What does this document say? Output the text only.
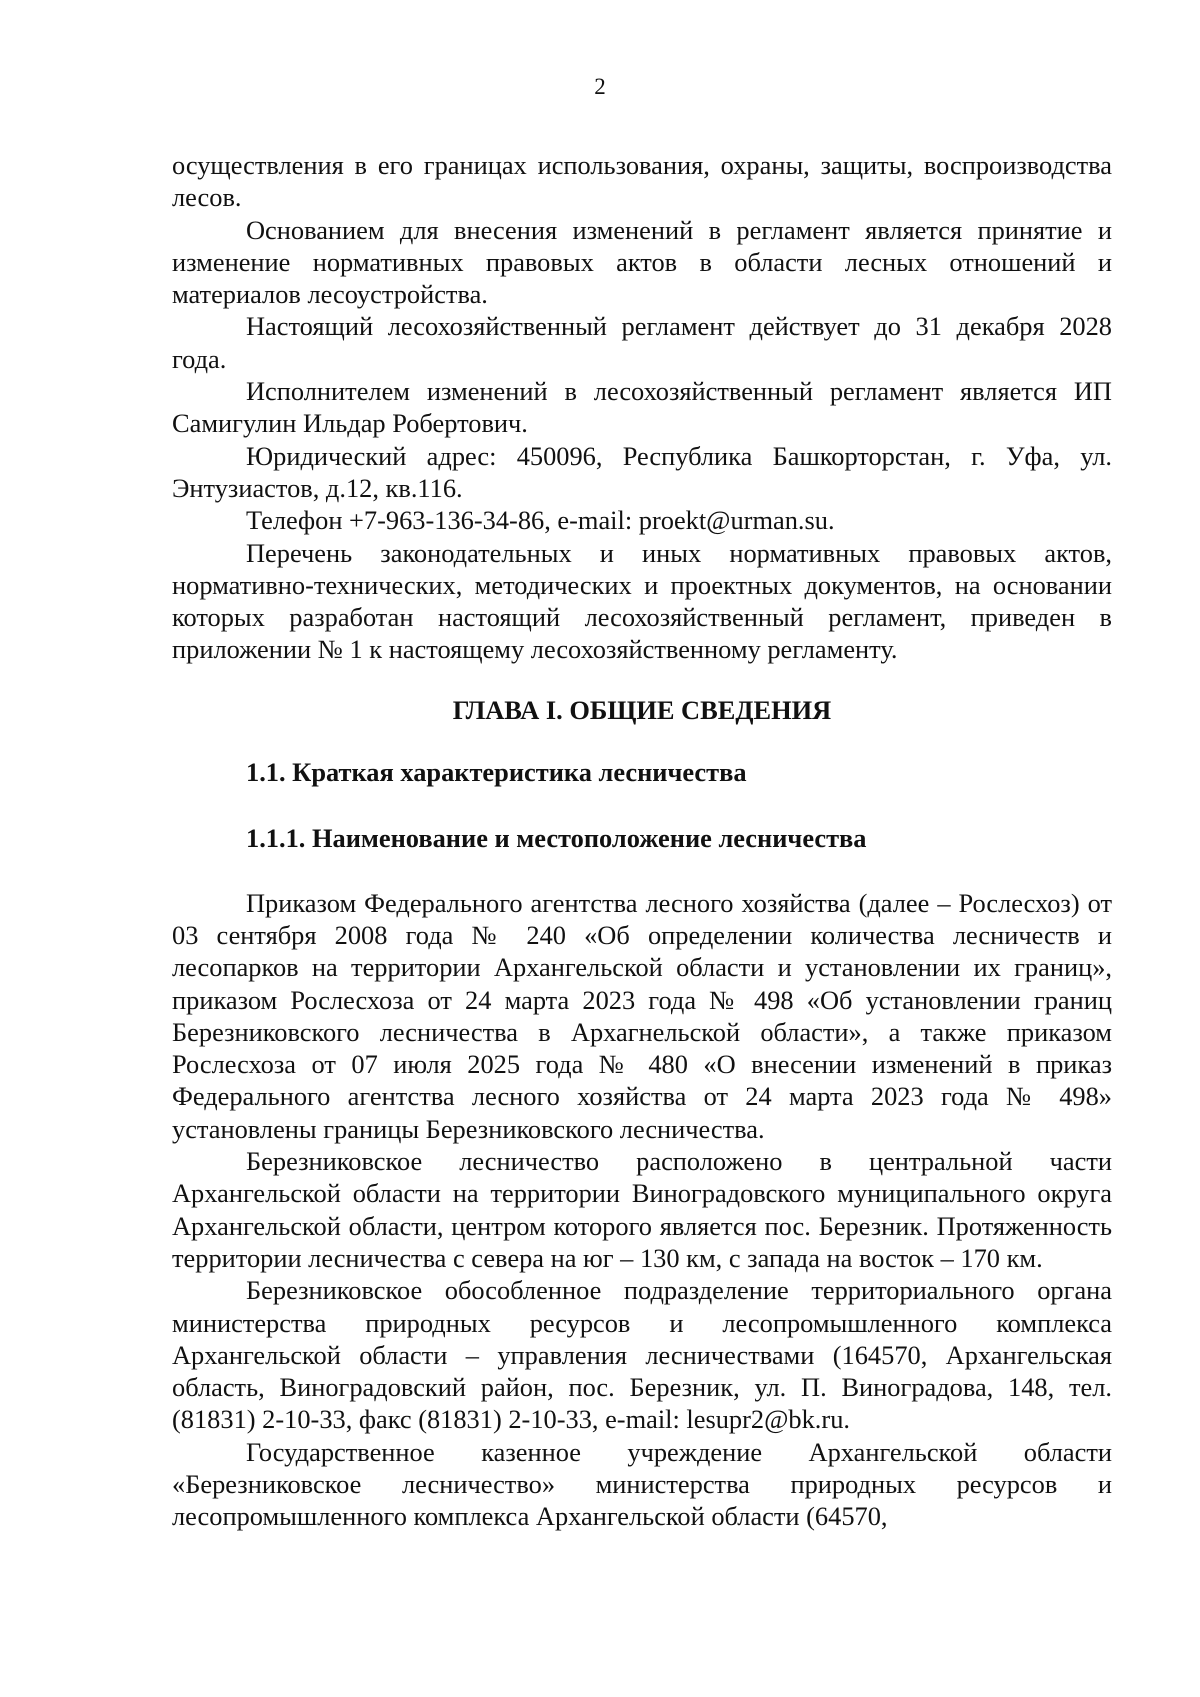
2

осуществления в его границах использования, охраны, защиты, воспроизводства лесов.

Основанием для внесения изменений в регламент является принятие и изменение нормативных правовых актов в области лесных отношений и материалов лесоустройства.

Настоящий лесохозяйственный регламент действует до 31 декабря 2028 года.

Исполнителем изменений в лесохозяйственный регламент является ИП Самигулин Ильдар Робертович.

Юридический адрес: 450096, Республика Башкорторстан, г. Уфа, ул. Энтузиастов, д.12, кв.116.

Телефон +7-963-136-34-86, e-mail: proekt@urman.su.

Перечень законодательных и иных нормативных правовых актов, нормативно-технических, методических и проектных документов, на основании которых разработан настоящий лесохозяйственный регламент, приведен в приложении № 1 к настоящему лесохозяйственному регламенту.

ГЛАВА I. ОБЩИЕ СВЕДЕНИЯ

1.1. Краткая характеристика лесничества

1.1.1. Наименование и местоположение лесничества

Приказом Федерального агентства лесного хозяйства (далее – Рослесхоз) от 03 сентября 2008 года № 240 «Об определении количества лесничеств и лесопарков на территории Архангельской области и установлении их границ», приказом Рослесхоза от 24 марта 2023 года № 498 «Об установлении границ Березниковского лесничества в Архагнельской области», а также приказом Рослесхоза от 07 июля 2025 года № 480 «О внесении изменений в приказ Федерального агентства лесного хозяйства от 24 марта 2023 года № 498» установлены границы Березниковского лесничества.

Березниковское лесничество расположено в центральной части Архангельской области на территории Виноградовского муниципального округа Архангельской области, центром которого является пос. Березник. Протяженность территории лесничества с севера на юг – 130 км, с запада на восток – 170 км.

Березниковское обособленное подразделение территориального органа министерства природных ресурсов и лесопромышленного комплекса Архангельской области – управления лесничествами (164570, Архангельская область, Виноградовский район, пос. Березник, ул. П. Виноградова, 148, тел. (81831) 2-10-33, факс (81831) 2-10-33, e-mail: lesupr2@bk.ru.

Государственное казенное учреждение Архангельской области «Березниковское лесничество» министерства природных ресурсов и лесопромышленного комплекса Архангельской области (64570,
